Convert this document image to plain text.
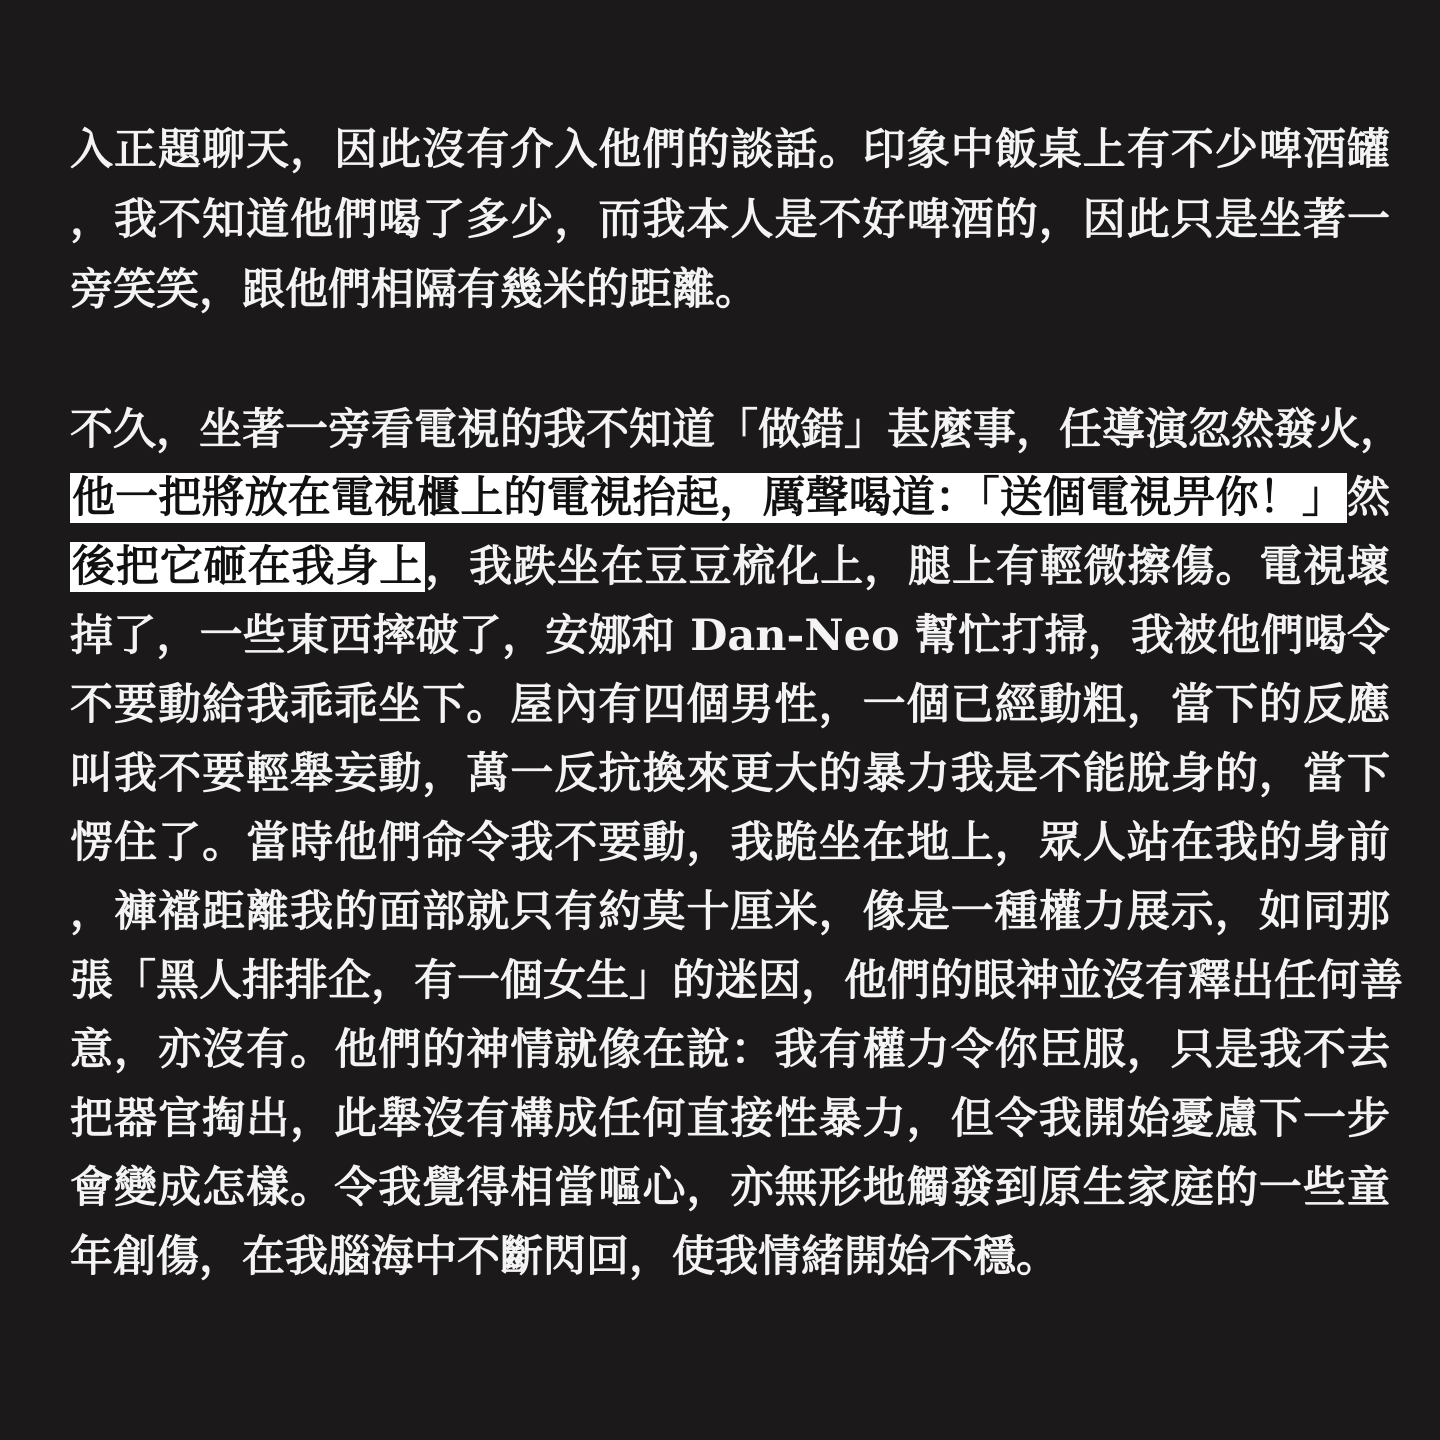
入正題聊天，因此沒有介入他們的談話。印象中飯桌上有不少啤酒罐
，我不知道他們喝了多少，而我本人是不好啤酒的，因此只是坐著一
旁笑笑，跟他們相隔有幾米的距離。
不久，坐著一旁看電視的我不知道「做錯」甚麼事，任導演忽然發火，
他一把將放在電視櫃上的電視抬起，厲聲喝道：「送個電視畀你！」然
後把它砸在我身上，我跌坐在豆豆梳化上，腿上有輕微擦傷。電視壞
掉了，一些東西摔破了，安娜和 Dan-Neo 幫忙打掃，我被他們喝令
不要動給我乖乖坐下。屋內有四個男性，一個已經動粗，當下的反應
叫我不要輕舉妄動，萬一反抗換來更大的暴力我是不能脫身的，當下
愣住了。當時他們命令我不要動，我跪坐在地上，眾人站在我的身前
，褲襠距離我的面部就只有約莫十厘米，像是一種權力展示，如同那
張「黑人排排企，有一個女生」的迷因，他們的眼神並沒有釋出任何善
意，亦沒有。他們的神情就像在說：我有權力令你臣服，只是我不去
把器官掏出，此舉沒有構成任何直接性暴力，但令我開始憂慮下一步
會變成怎樣。令我覺得相當嘔心，亦無形地觸發到原生家庭的一些童
年創傷，在我腦海中不斷閃回，使我情緒開始不穩。
